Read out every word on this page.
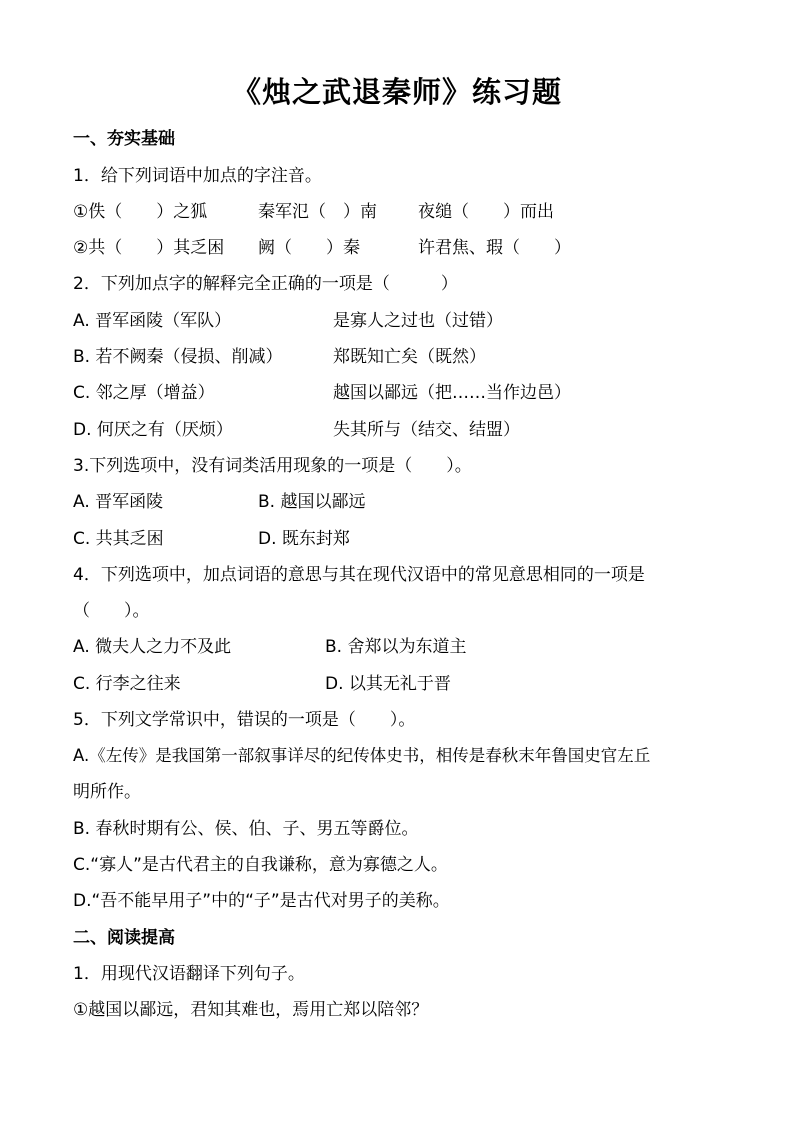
《烛之武退秦师》练习题
一、夯实基础
1．给下列词语中加点的字注音。
①佚（　　）之狐	秦军氾（　）南 夜缒（　　）而出
②共（　　）其乏困 阙（　　）秦	许君焦、瑕（　　）
2．下列加点字的解释完全正确的一项是（　　　）
A. 晋军函陵（军队）	是寡人之过也（过错）
B. 若不阙秦（侵损、削减）	郑既知亡矣（既然）
C. 邻之厚（增益）	越国以鄙远（把……当作边邑）
D. 何厌之有（厌烦）	失其所与（结交、结盟）
3.下列选项中，没有词类活用现象的一项是（　　）。
A. 晋军函陵	B. 越国以鄙远
C. 共其乏困	D. 既东封郑
4．下列选项中，加点词语的意思与其在现代汉语中的常见意思相同的一项是
（　　）。
A. 微夫人之力不及此	B. 舍郑以为东道主
C. 行李之往来	D. 以其无礼于晋
5．下列文学常识中，错误的一项是（　　）。
A.《左传》是我国第一部叙事详尽的纪传体史书，相传是春秋末年鲁国史官左丘
明所作。
B. 春秋时期有公、侯、伯、子、男五等爵位。
C.“寡人”是古代君主的自我谦称，意为寡德之人。
D.“吾不能早用子”中的“子”是古代对男子的美称。
二、阅读提高
1．用现代汉语翻译下列句子。
①越国以鄙远，君知其难也，焉用亡郑以陪邻？
